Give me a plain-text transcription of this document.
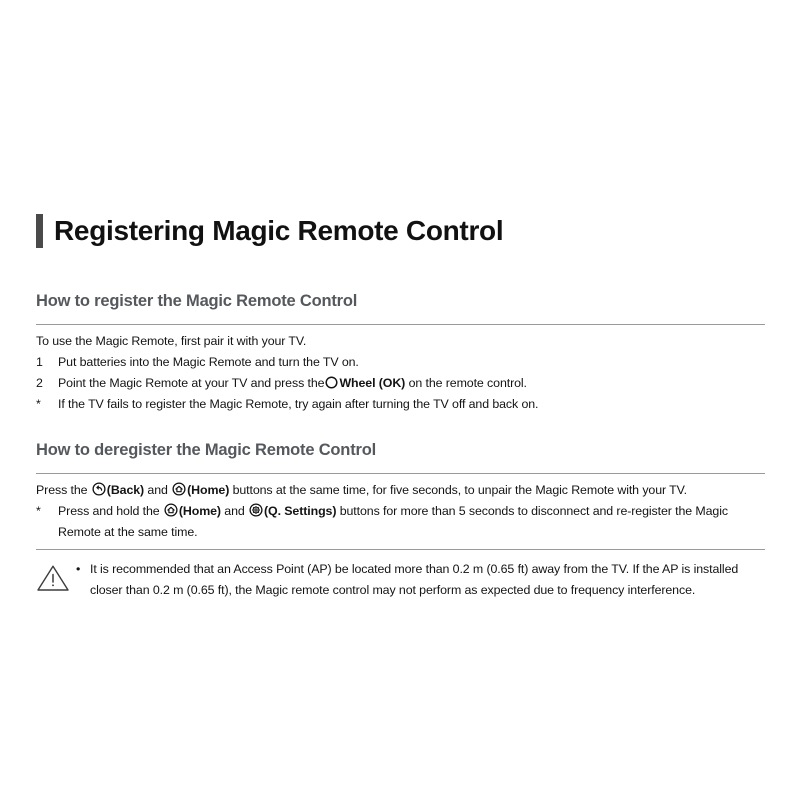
Registering Magic Remote Control
How to register the Magic Remote Control
To use the Magic Remote, first pair it with your TV.
1	Put batteries into the Magic Remote and turn the TV on.
2	Point the Magic Remote at your TV and press the Wheel (OK) on the remote control.
*	If the TV fails to register the Magic Remote, try again after turning the TV off and back on.
How to deregister the Magic Remote Control
Press the (Back) and (Home) buttons at the same time, for five seconds, to unpair the Magic Remote with your TV.
*	Press and hold the (Home) and (Q. Settings) buttons for more than 5 seconds to disconnect and re-register the Magic Remote at the same time.
• It is recommended that an Access Point (AP) be located more than 0.2 m (0.65 ft) away from the TV. If the AP is installed closer than 0.2 m (0.65 ft), the Magic remote control may not perform as expected due to frequency interference.
